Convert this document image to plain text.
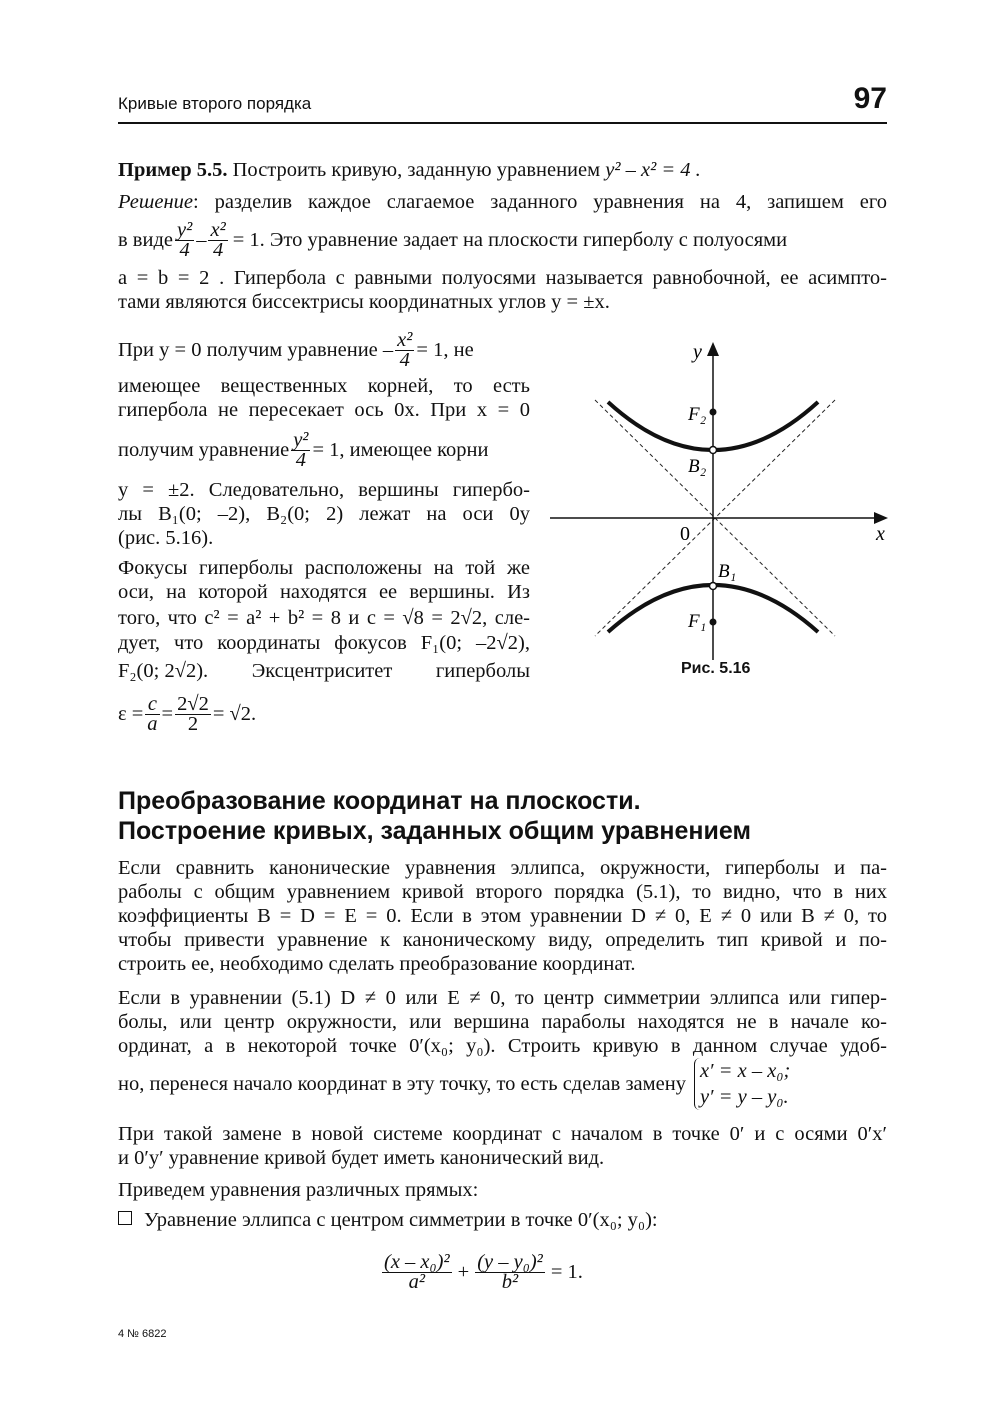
Кривые второго порядка	97
Пример 5.5. Построить кривую, заданную уравнением y² – x² = 4 .
Решение: разделив каждое слагаемое заданного уравнения на 4, запишем его
в виде $\frac{\text{y²}}{4} - \frac{\text{x²}}{4} = 1$. Это уравнение задает на плоскости гиперболу с полуосями
a = b = 2 . Гипербола с равными полуосями называется равнобочной, ее асимпто-
тами являются биссектрисы координатных углов y = ±x.
При y = 0 получим уравнение – $\frac{\text{x²}}{4} = 1$, не
имеющее вещественных корней, то есть
гипербола не пересекает ось 0x. При x = 0
получим уравнение $\frac{\text{y²}}{4} = 1$, имеющее корни
y = ±2. Следовательно, вершины гипербо-
лы B₁(0; –2), B₂(0; 2) лежат на оси 0y
(рис. 5.16).
Фокусы гиперболы расположены на той же
оси, на которой находятся ее вершины. Из
того, что c² = a² + b² = 8 и c = √8 = 2√2, сле-
дует, что координаты фокусов F₁(0; –2√2),
F₂(0; 2√2). Эксцентриситет гиперболы
$\varepsilon = \frac{c}{a} = \frac{2√2}{2} = √2$.
y
x
0
F₂
B₂
B₁
F₁
Рис. 5.16
Преобразование координат на плоскости.
Построение кривых, заданных общим уравнением
Если сравнить канонические уравнения эллипса, окружности, гиперболы и па-
раболы с общим уравнением кривой второго порядка (5.1), то видно, что в них
коэффициенты B = D = E = 0. Если в этом уравнении D ≠ 0, E ≠ 0 или B ≠ 0, то
чтобы привести уравнение к каноническому виду, определить тип кривой и по-
строить ее, необходимо сделать преобразование координат.
Если в уравнении (5.1) D ≠ 0 или E ≠ 0, то центр симметрии эллипса или гипер-
болы, или центр окружности, или вершина параболы находятся не в начале ко-
ординат, а в некоторой точке 0′(x₀; y₀). Строить кривую в данном случае удоб-
но, перенеся начало координат в эту точку, то есть сделав замену
x′ = x – x₀;
y′ = y – y₀.
При такой замене в новой системе координат с началом в точке 0′ и с осями 0′x′
и 0′y′ уравнение кривой будет иметь канонический вид.
Приведем уравнения различных прямых:
Уравнение эллипса с центром симметрии в точке 0′(x₀; y₀):
$\frac{\text{(x – x₀)²}}{\text{a²}} + \frac{\text{(y – y₀)²}}{\text{b²}} = 1$.
4 № 6822
